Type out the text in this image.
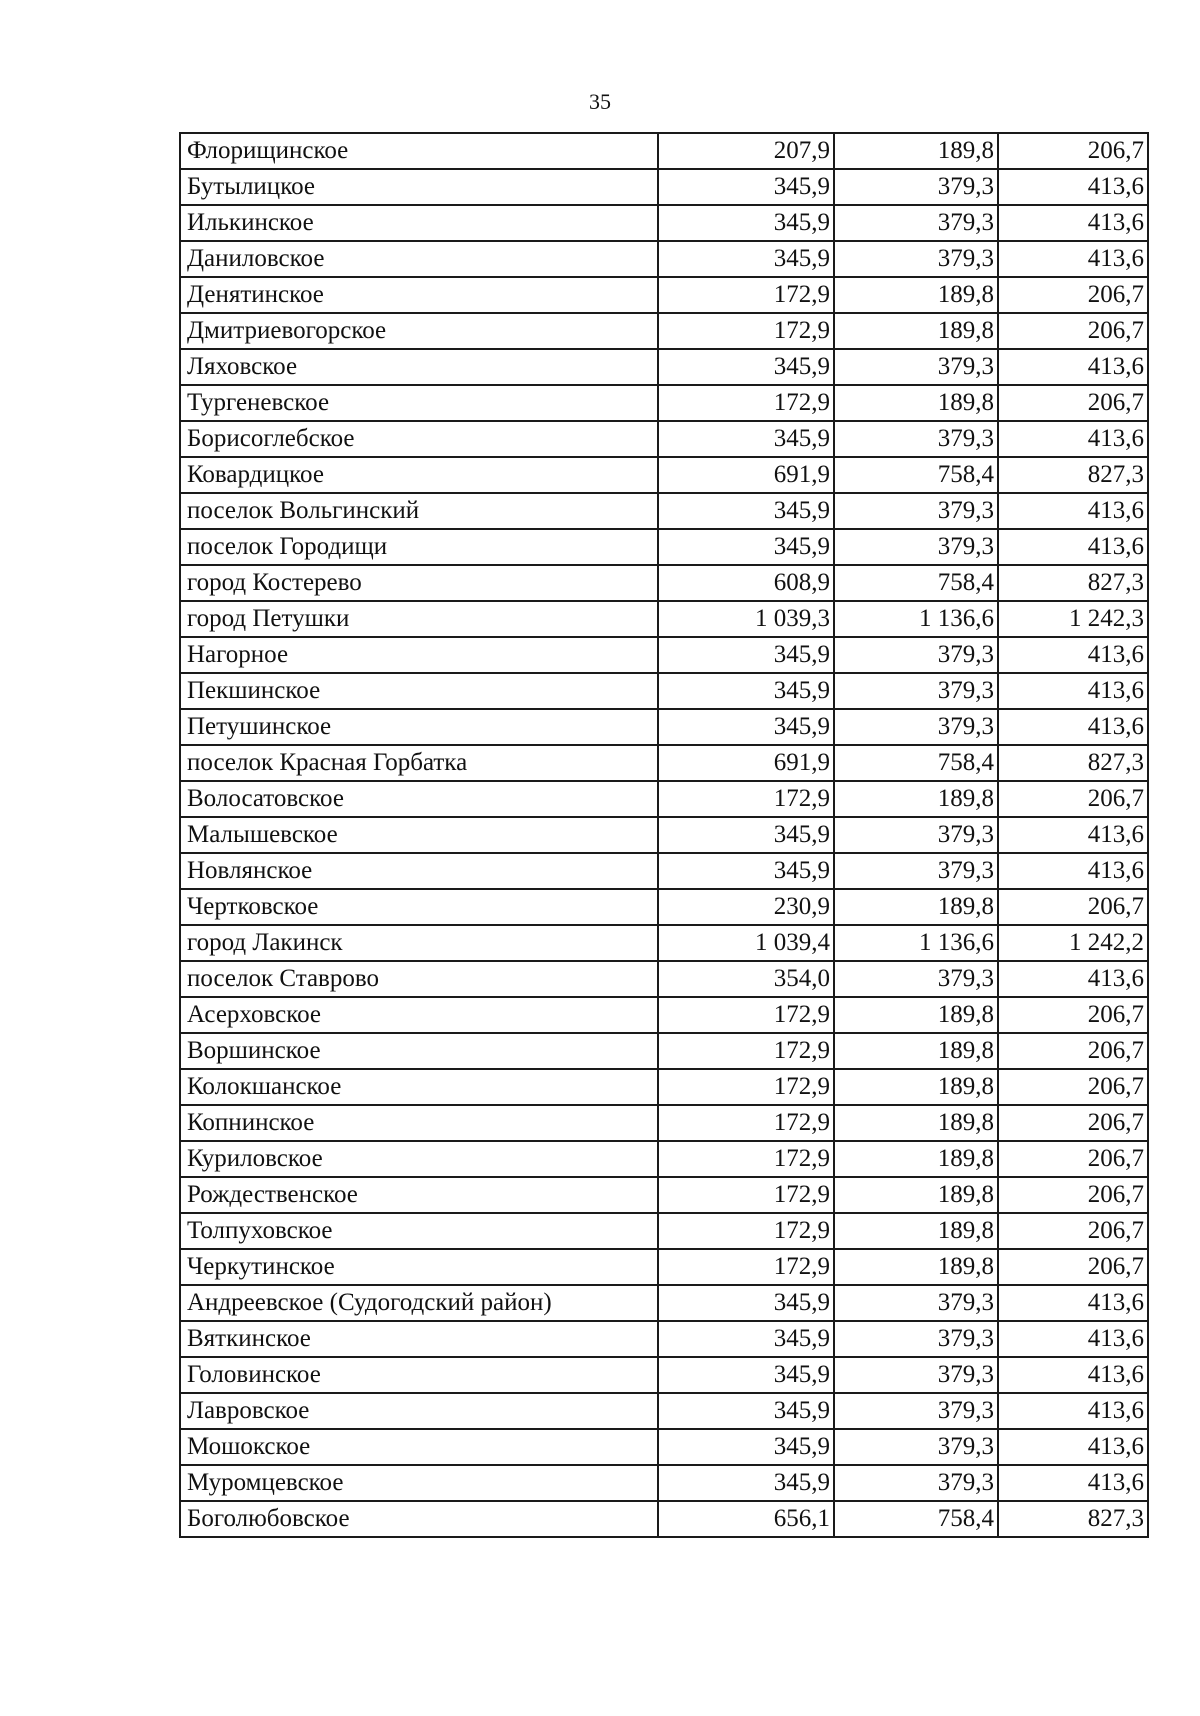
35
Флорищинское	207,9	189,8	206,7
Бутылицкое	345,9	379,3	413,6
Илькинское	345,9	379,3	413,6
Даниловское	345,9	379,3	413,6
Денятинское	172,9	189,8	206,7
Дмитриевогорское	172,9	189,8	206,7
Ляховское	345,9	379,3	413,6
Тургеневское	172,9	189,8	206,7
Борисоглебское	345,9	379,3	413,6
Ковардицкое	691,9	758,4	827,3
поселок Вольгинский	345,9	379,3	413,6
поселок Городищи	345,9	379,3	413,6
город Костерево	608,9	758,4	827,3
город Петушки	1 039,3	1 136,6	1 242,3
Нагорное	345,9	379,3	413,6
Пекшинское	345,9	379,3	413,6
Петушинское	345,9	379,3	413,6
поселок Красная Горбатка	691,9	758,4	827,3
Волосатовское	172,9	189,8	206,7
Малышевское	345,9	379,3	413,6
Новлянское	345,9	379,3	413,6
Чертковское	230,9	189,8	206,7
город Лакинск	1 039,4	1 136,6	1 242,2
поселок Ставрово	354,0	379,3	413,6
Асерховское	172,9	189,8	206,7
Воршинское	172,9	189,8	206,7
Колокшанское	172,9	189,8	206,7
Копнинское	172,9	189,8	206,7
Куриловское	172,9	189,8	206,7
Рождественское	172,9	189,8	206,7
Толпуховское	172,9	189,8	206,7
Черкутинское	172,9	189,8	206,7
Андреевское (Судогодский район)	345,9	379,3	413,6
Вяткинское	345,9	379,3	413,6
Головинское	345,9	379,3	413,6
Лавровское	345,9	379,3	413,6
Мошокское	345,9	379,3	413,6
Муромцевское	345,9	379,3	413,6
Боголюбовское	656,1	758,4	827,3
